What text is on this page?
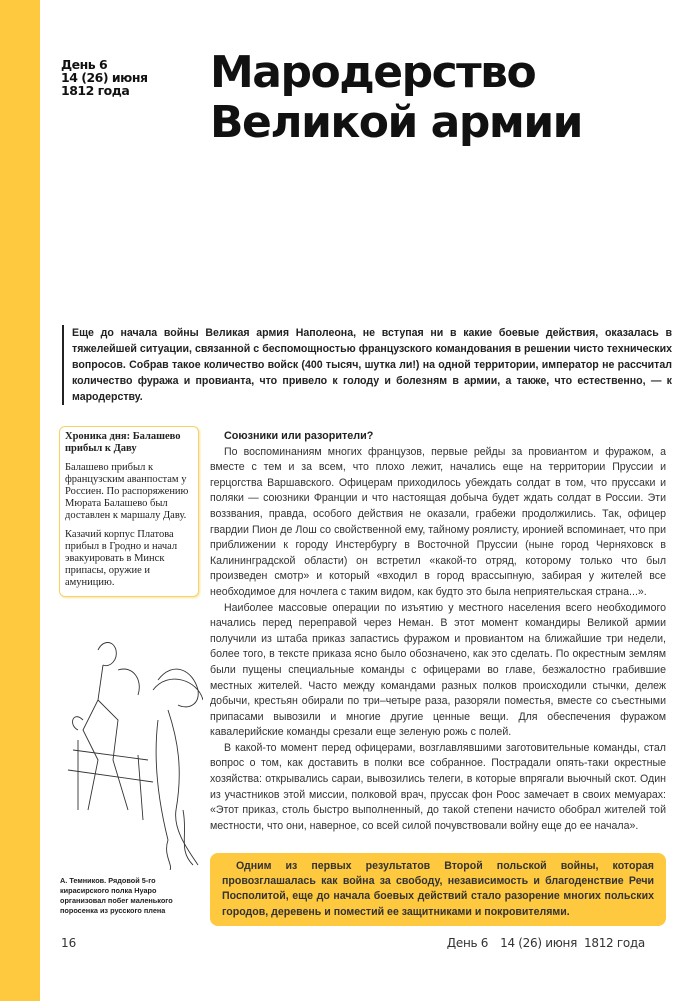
День 6
14 (26) июня
1812 года	Мародерство
Великой армии
Еще до начала войны Великая армия Наполеона, не вступая ни в какие боевые действия, оказалась в тяжелейшей ситуации, связанной с беспомощностью французского командования в решении чисто технических вопросов. Собрав такое количество войск (400 тысяч, шутка ли!) на одной территории, император не рассчитал количество фуража и провианта, что привело к голоду и болезням в армии, а также, что естественно, — к мародерству.
Хроника дня: Балашево прибыл к Даву

Балашево прибыл к французским аванпостам у Россиен. По распоряжению Мюрата Балашево был доставлен к маршалу Даву.

Казачий корпус Платова прибыл в Гродно и начал эвакуировать в Минск припасы, оружие и амуницию.

Союзники или разорители?

По воспоминаниям многих французов, первые рейды за провиантом и фуражом, а вместе с тем и за всем, что плохо лежит, начались еще на территории Пруссии и герцогства Варшавского. Офицерам приходилось убеждать солдат в том, что пруссаки и поляки — союзники Франции и что настоящая добыча будет ждать солдат в России. Эти воззвания, правда, особого действия не оказали, грабежи продолжились. Так, офицер гвардии Пион де Лош со свойственной ему, тайному роялисту, иронией вспоминает, что при приближении к городу Инстербургу в Восточной Пруссии (ныне город Черняховск в Калининградской области) он встретил «какой-то отряд, которому только что был произведен смотр» и который «входил в город врассыпную, забирая у жителей все необходимое для ночлега с таким видом, как будто это была неприятельская страна...».

Наиболее массовые операции по изъятию у местного населения всего необходимого начались перед переправой через Неман. В этот момент командиры Великой армии получили из штаба приказ запастись фуражом и провиантом на ближайшие три недели, более того, в тексте приказа ясно было обозначено, как это сделать. По окрестным землям были пущены специальные команды с офицерами во главе, безжалостно грабившие местных жителей. Часто между командами разных полков происходили стычки, дележ добычи, крестьян обирали по три–четыре раза, разоряли поместья, вместе со съестными припасами вывозили и многие другие ценные вещи. Для обеспечения фуражом кавалерийские команды срезали еще зеленую рожь с полей.

В какой-то момент перед офицерами, возглавлявшими заготовительные команды, стал вопрос о том, как доставить в полки все собранное. Пострадали опять-таки окрестные хозяйства: открывались сараи, вывозились телеги, в которые впрягали вьючный скот. Один из участников этой миссии, полковой врач, пруссак фон Роос замечает в своих мемуарах: «Этот приказ, столь быстро выполненный, до такой степени начисто обобрал жителей той местности, что они, наверное, со всей силой почувствовали войну еще до ее начала».

А. Темников. Рядовой 5-го кирасирского полка Нуаро организовал побег маленького поросенка из русского плена
Одним из первых результатов Второй польской войны, которая провозглашалась как война за свободу, независимость и благоденствие Речи Посполитой, еще до начала боевых действий стало разорение многих польских городов, деревень и поместий ее защитниками и покровителями.
16	День 6 14 (26) июня  1812 года
